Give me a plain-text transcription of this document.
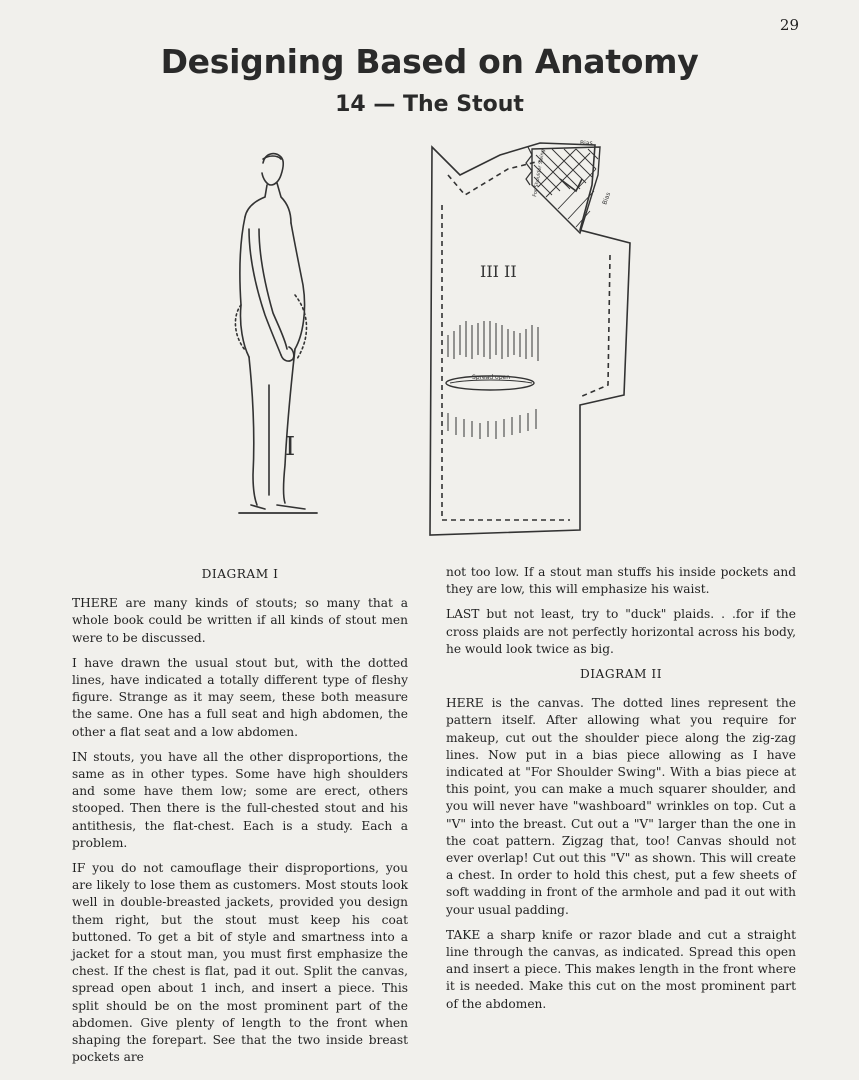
29
Designing Based on Anatomy
14 — The Stout
I
Spread open
III II
Bias
Bias
For Shoulder Swing
DIAGRAM I

THERE are many kinds of stouts; so many that a whole book could be written if all kinds of stout men were to be discussed.

I have drawn the usual stout but, with the dotted lines, have indicated a totally different type of fleshy figure. Strange as it may seem, these both measure the same. One has a full seat and high abdomen, the other a flat seat and a low abdomen.

IN stouts, you have all the other disproportions, the same as in other types. Some have high shoulders and some have them low; some are erect, others stooped. Then there is the full-chested stout and his antithesis, the flat-chest. Each is a study. Each a problem.

IF you do not camouflage their disproportions, you are likely to lose them as customers. Most stouts look well in double-breasted jackets, provided you design them right, but the stout must keep his coat buttoned. To get a bit of style and smartness into a jacket for a stout man, you must first emphasize the chest. If the chest is flat, pad it out. Split the canvas, spread open about 1 inch, and insert a piece. This split should be on the most prominent part of the abdomen. Give plenty of length to the front when shaping the forepart. See that the two inside breast pockets are

not too low. If a stout man stuffs his inside pockets and they are low, this will emphasize his waist.

LAST but not least, try to "duck" plaids. . .for if the cross plaids are not perfectly horizontal across his body, he would look twice as big.

DIAGRAM II

HERE is the canvas. The dotted lines represent the pattern itself. After allowing what you require for makeup, cut out the shoulder piece along the zig-zag lines. Now put in a bias piece allowing as I have indicated at "For Shoulder Swing". With a bias piece at this point, you can make a much squarer shoulder, and you will never have "washboard" wrinkles on top. Cut a "V" into the breast. Cut out a "V" larger than the one in the coat pattern. Zigzag that, too! Canvas should not ever overlap! Cut out this "V" as shown. This will create a chest. In order to hold this chest, put a few sheets of soft wadding in front of the armhole and pad it out with your usual padding.

TAKE a sharp knife or razor blade and cut a straight line through the canvas, as indicated. Spread this open and insert a piece. This makes length in the front where it is needed. Make this cut on the most prominent part of the abdomen.
